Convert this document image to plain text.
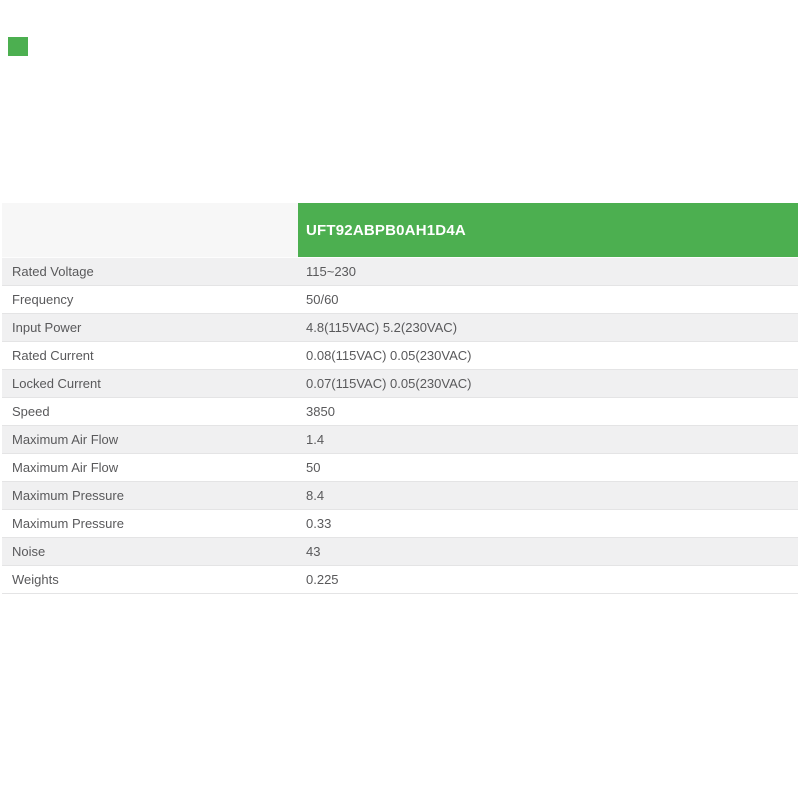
UFT92ABPB0AH1D4A
Rated Voltage	115~230
Frequency	50/60
Input Power	4.8(115VAC) 5.2(230VAC)
Rated Current	0.08(115VAC) 0.05(230VAC)
Locked Current	0.07(115VAC) 0.05(230VAC)
Speed	3850
Maximum Air Flow	1.4
Maximum Air Flow	50
Maximum Pressure	8.4
Maximum Pressure	0.33
Noise	43
Weights	0.225
